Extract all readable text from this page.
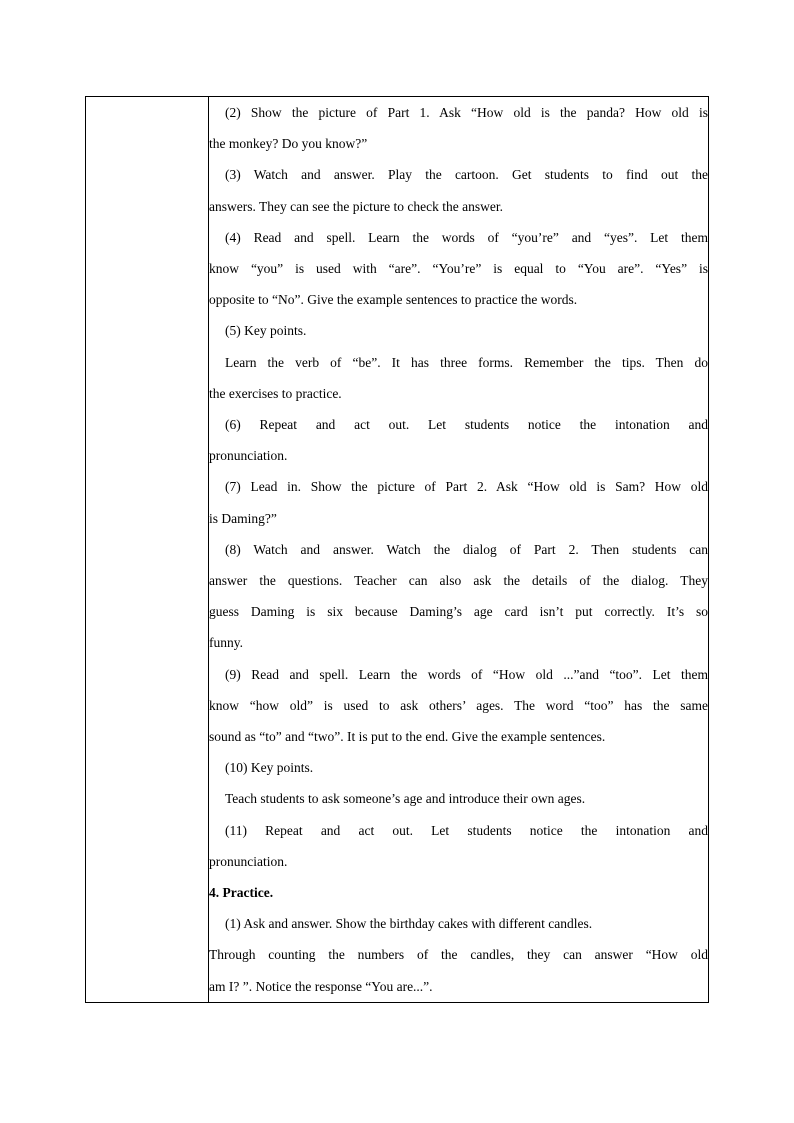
(2) Show the picture of Part 1. Ask “How old is the panda? How old is
the monkey? Do you know?”
(3) Watch and answer. Play the cartoon. Get students to find out the
answers. They can see the picture to check the answer.
(4) Read and spell. Learn the words of “you’re” and “yes”. Let them
know “you” is used with “are”. “You’re” is equal to “You are”. “Yes” is
opposite to “No”. Give the example sentences to practice the words.
(5) Key points.
Learn the verb of “be”. It has three forms. Remember the tips. Then do
the exercises to practice.
(6) Repeat and act out. Let students notice the intonation and
pronunciation.
(7) Lead in. Show the picture of Part 2. Ask “How old is Sam? How old
is Daming?”
(8) Watch and answer. Watch the dialog of Part 2. Then students can
answer the questions. Teacher can also ask the details of the dialog. They
guess Daming is six because Daming’s age card isn’t put correctly. It’s so
funny.
(9) Read and spell. Learn the words of “How old ...”and “too”. Let them
know “how old” is used to ask others’ ages. The word “too” has the same
sound as “to” and “two”. It is put to the end. Give the example sentences.
(10) Key points.
Teach students to ask someone’s age and introduce their own ages.
(11) Repeat and act out. Let students notice the intonation and
pronunciation.
4. Practice.
(1) Ask and answer. Show the birthday cakes with different candles.
Through counting the numbers of the candles, they can answer “How old
am I? ”. Notice the response “You are...”.
